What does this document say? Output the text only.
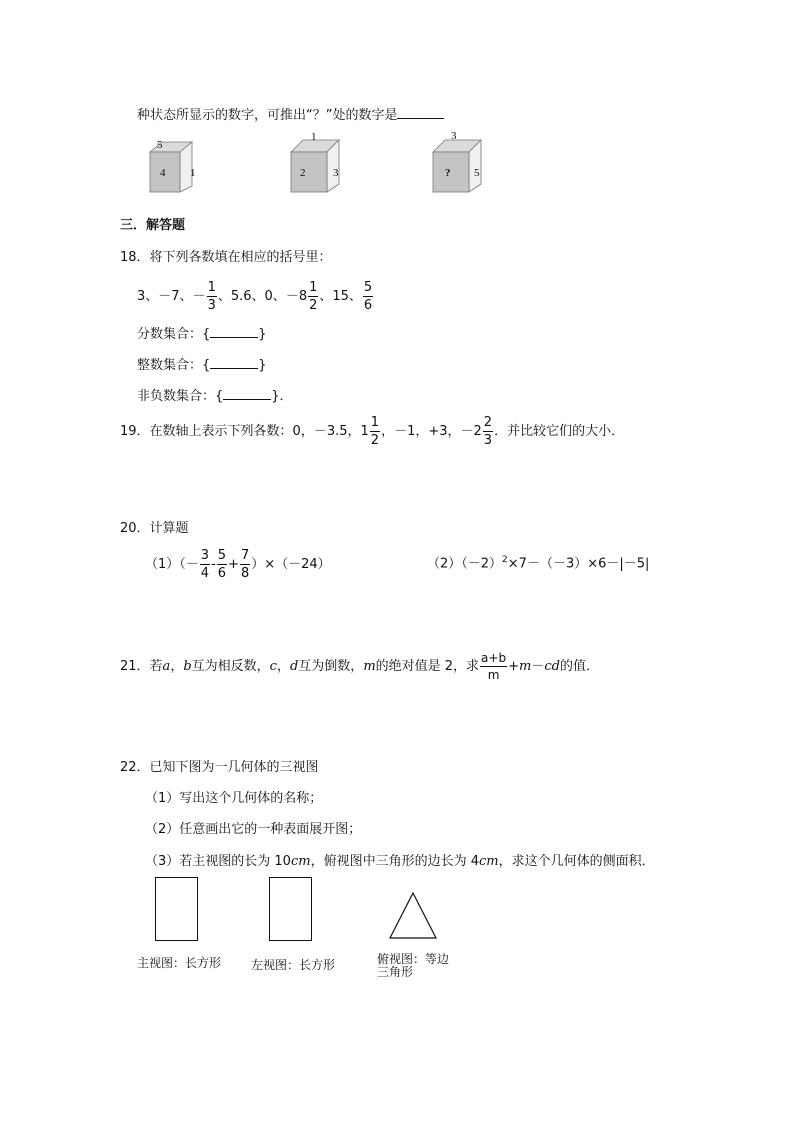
种状态所显示的数字，可推出“？”处的数字是
5
4 1
1
2	3
3
? 5
三．解答题
18．将下列各数填在相应的括号里：
3、 －7、 － $\frac{1}{3}$ 、5.6、0、 $-8 \frac{1}{2}$ 、15、 $\frac{5}{6}$
分数集合：{	}
整数集合：{	}
非负数集合：{	}．
19．在数轴上表示下列各数：0，－3.5， $1 \frac{1}{2}$ ，－1，+3，－ $2 \frac{2}{3}$ ．并比较它们的大小．
20．计算题
$(1)(- \frac{3}{4} - \frac{5}{6} + \frac{7}{8} )\times(-24)$	$(2)(-2)^2\times 7-(-3)\times 6-|-5|$
21．若 a ， b 互为相反数， c ， d 互为倒数， m 的绝对值是 2，求 $\frac{a+b}{m} + m$ － cd 的值．
22．已知下图为一几何体的三视图
（1）写出这个几何体的名称；
（2）任意画出它的一种表面展开图；
（3）若主视图的长为 10cm，俯视图中三角形的边长为 4cm，求这个几何体的侧面积．
主视图：长方形 左视图：长方形	俯视图：等边
三角形
